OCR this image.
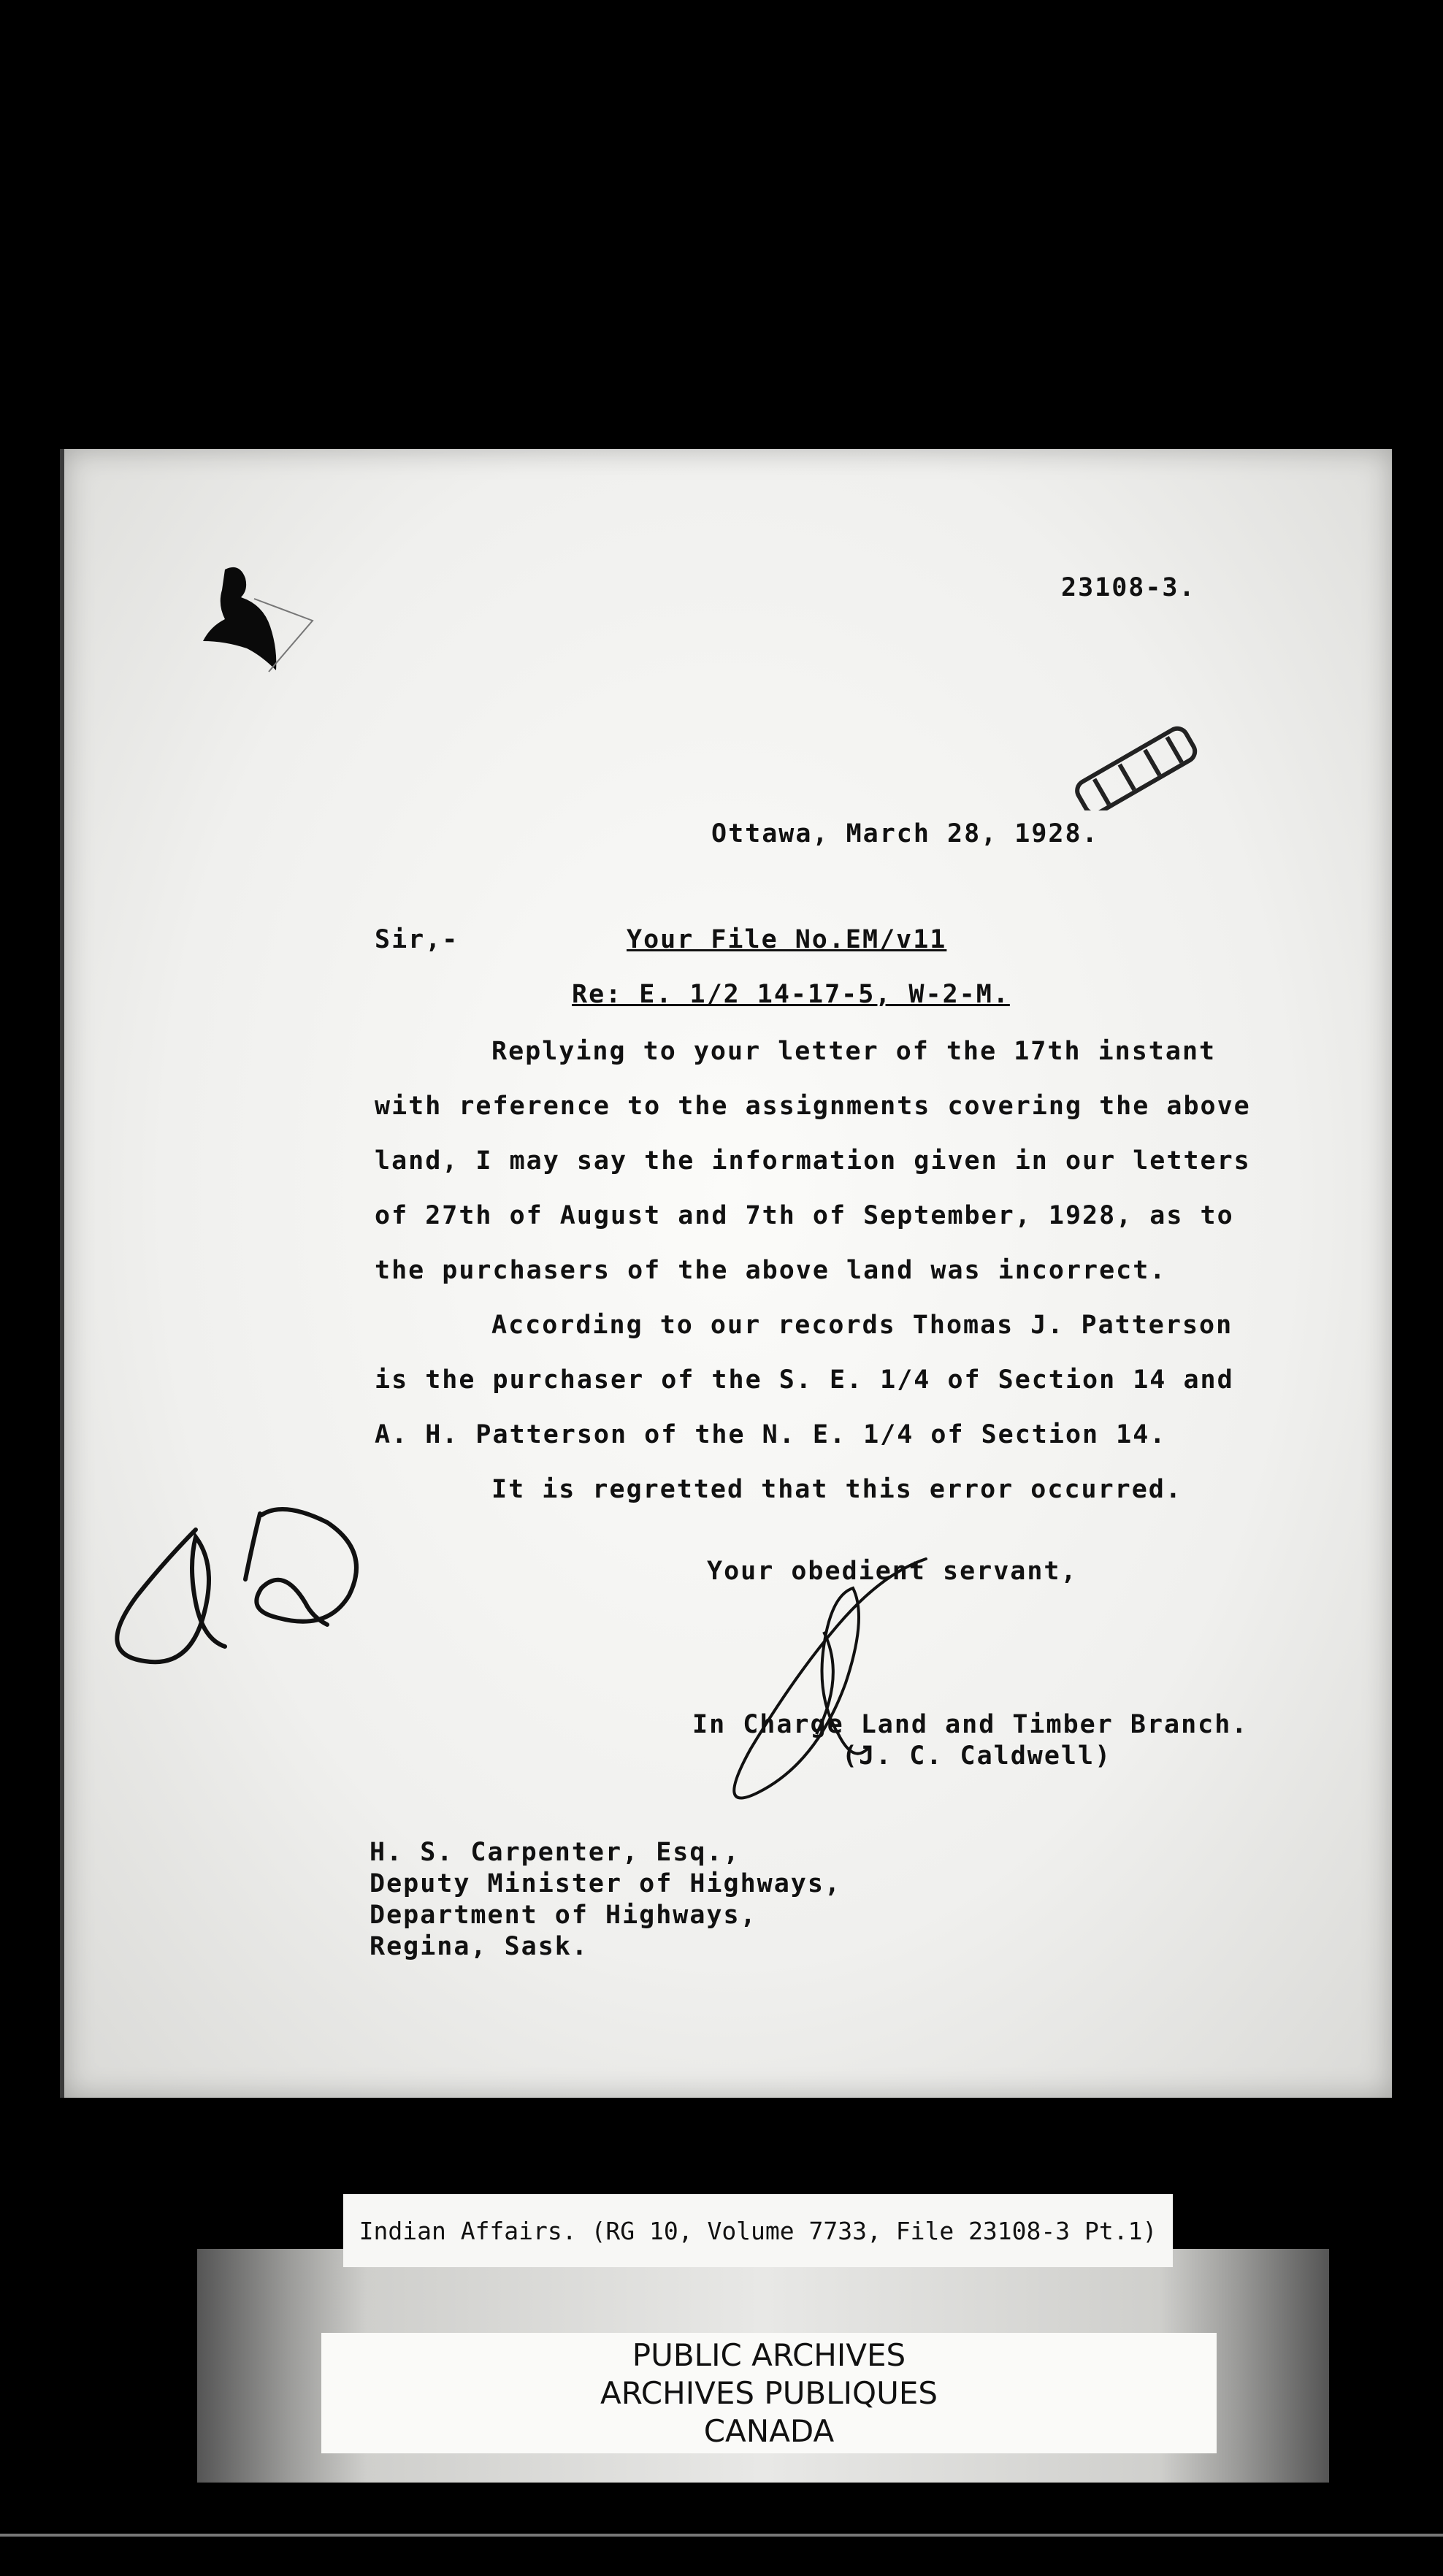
23108-3.
Ottawa, March 28, 1928.
Sir,-	Your File No.EM/v11
Re: E. 1/2 14-17-5, W-2-M.
Replying to your letter of the 17th instant
with reference to the assignments covering the above
land, I may say the information given in our letters
of 27th of August and 7th of September, 1928, as to
the purchasers of the above land was incorrect.
According to our records Thomas J. Patterson
is the purchaser of the S. E. 1/4 of Section 14 and
A. H. Patterson of the N. E. 1/4 of Section 14.
It is regretted that this error occurred.
Your obedient servant,
In Charge Land and Timber Branch.
(J. C. Caldwell)
H. S. Carpenter, Esq.,
Deputy Minister of Highways,
Department of Highways,
Regina, Sask.
Indian Affairs. (RG 10, Volume 7733, File 23108-3 Pt.1)
PUBLIC ARCHIVES
ARCHIVES PUBLIQUES
CANADA
